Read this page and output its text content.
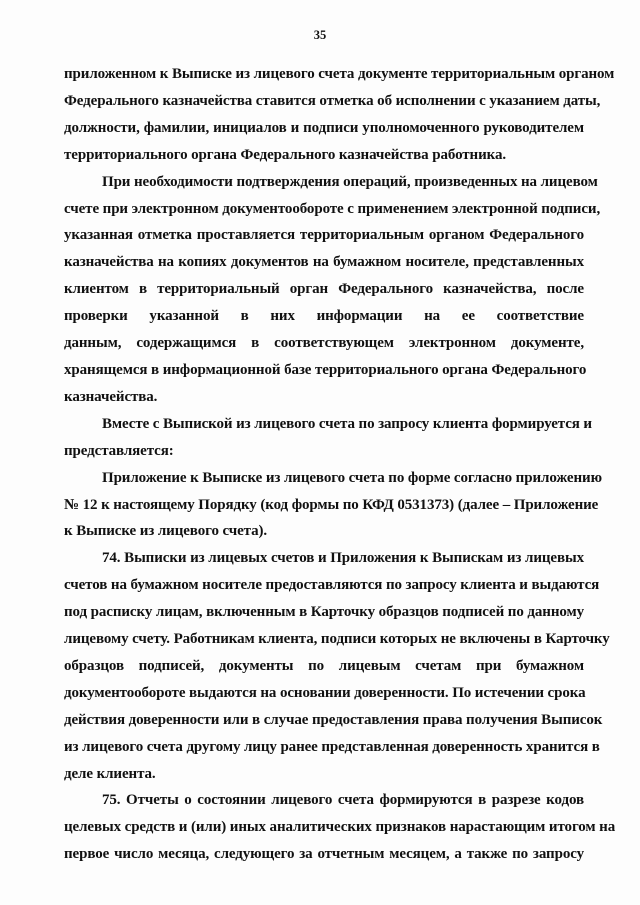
35
приложенном к Выписке из лицевого счета документе территориальным органом
Федерального казначейства ставится отметка об исполнении с указанием даты,
должности, фамилии, инициалов и подписи уполномоченного руководителем
территориального органа Федерального казначейства работника.
При необходимости подтверждения операций, произведенных на лицевом
счете при электронном документообороте с применением электронной подписи,
указанная отметка проставляется территориальным органом Федерального
казначейства на копиях документов на бумажном носителе, представленных
клиентом в территориальный орган Федерального казначейства, после
проверки указанной в них информации на ее соответствие
данным, содержащимся в соответствующем электронном документе,
хранящемся в информационной базе территориального органа Федерального
казначейства.
Вместе с Выпиской из лицевого счета по запросу клиента формируется и
представляется:
Приложение к Выписке из лицевого счета по форме согласно приложению
№ 12 к настоящему Порядку (код формы по КФД 0531373) (далее – Приложение
к Выписке из лицевого счета).
74. Выписки из лицевых счетов и Приложения к Выпискам из лицевых
счетов на бумажном носителе предоставляются по запросу клиента и выдаются
под расписку лицам, включенным в Карточку образцов подписей по данному
лицевому счету. Работникам клиента, подписи которых не включены в Карточку
образцов подписей, документы по лицевым счетам при бумажном
документообороте выдаются на основании доверенности. По истечении срока
действия доверенности или в случае предоставления права получения Выписок
из лицевого счета другому лицу ранее представленная доверенность хранится в
деле клиента.
75. Отчеты о состоянии лицевого счета формируются в разрезе кодов
целевых средств и (или) иных аналитических признаков нарастающим итогом на
первое число месяца, следующего за отчетным месяцем, а также по запросу
